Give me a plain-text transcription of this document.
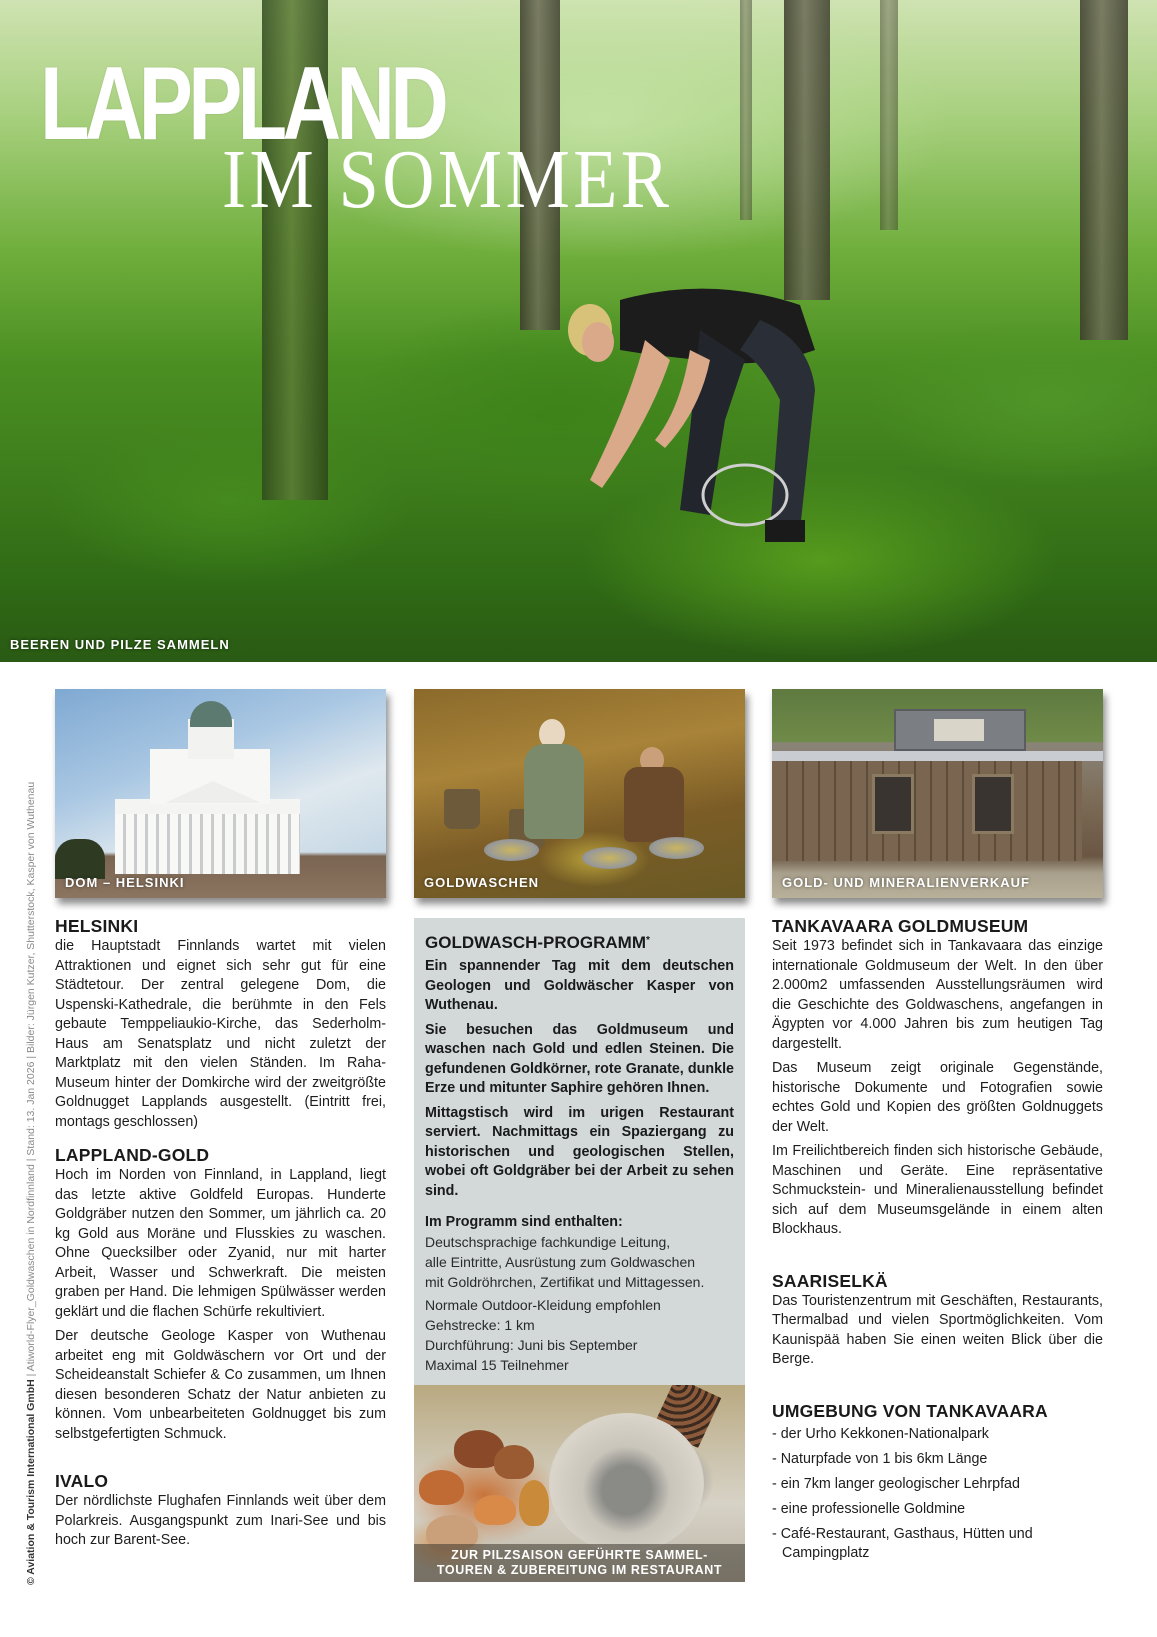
LAPPLAND
IM SOMMER
BEEREN UND PILZE SAMMELN
© Aviation & Tourism International GmbH | Atiworld-Flyer_Goldwaschen in Nordfinnland | Stand: 13. Jan 2026 | Bilder: Jürgen Kutzer, Shutterstock, Kasper von Wuthenau DOM – HELSINKI	GOLDWASCHEN	GOLD- UND MINERALIENVERKAUF
HELSINKI

die Hauptstadt Finnlands wartet mit vielen Attraktionen und eignet sich sehr gut für eine Städtetour. Der zentral gelegene Dom, die Uspenski-Kathedrale, die berühmte in den Fels gebaute Temppeliaukio-Kirche, das Sederholm-Haus am Senatsplatz und nicht zuletzt der Marktplatz mit den vielen Ständen. Im Raha-Museum hinter der Domkirche wird der zweitgrößte Goldnugget Lapplands ausgestellt. (Eintritt frei, montags geschlossen)

LAPPLAND-GOLD

Hoch im Norden von Finnland, in Lappland, liegt das letzte aktive Goldfeld Europas. Hunderte Goldgräber nutzen den Sommer, um jährlich ca. 20 kg Gold aus Moräne und Flusskies zu waschen. Ohne Quecksilber oder Zyanid, nur mit harter Arbeit, Wasser und Schwerkraft. Die meisten graben per Hand. Die lehmigen Spülwässer werden geklärt und die flachen Schürfe rekultiviert.

Der deutsche Geologe Kasper von Wuthenau arbeitet eng mit Goldwäschern vor Ort und der Scheideanstalt Schiefer & Co zusammen, um Ihnen diesen besonderen Schatz der Natur anbieten zu können. Vom unbearbeiteten Goldnugget bis zum selbstgefertigten Schmuck.

IVALO

Der nördlichste Flughafen Finnlands weit über dem Polarkreis. Ausgangspunkt zum Inari-See und bis hoch zur Barent-See.

GOLDWASCH-PROGRAMM*

Ein spannender Tag mit dem deutschen Geologen und Goldwäscher Kasper von Wuthenau.

Sie besuchen das Goldmuseum und waschen nach Gold und edlen Steinen. Die gefundenen Goldkörner, rote Granate, dunkle Erze und mitunter Saphire gehören Ihnen.

Mittagstisch wird im urigen Restaurant serviert. Nachmittags ein Spaziergang zu historischen und geologischen Stellen, wobei oft Goldgräber bei der Arbeit zu sehen sind.

Im Programm sind enthalten:
Deutschsprachige fachkundige Leitung,
alle Eintritte, Ausrüstung zum Goldwaschen
mit Goldröhrchen, Zertifikat und Mittagessen.
Normale Outdoor-Kleidung empfohlen
Gehstrecke: 1 km
Durchführung: Juni bis September
Maximal 15 Teilnehmer
ZUR PILZSAISON GEFÜHRTE SAMMEL-
TOUREN & ZUBEREITUNG IM RESTAURANT
TANKAVAARA GOLDMUSEUM

Seit 1973 befindet sich in Tankavaara das einzige internationale Goldmuseum der Welt. In den über 2.000m2 umfassenden Ausstellungsräumen wird die Geschichte des Goldwaschens, angefangen in Ägypten vor 4.000 Jahren bis zum heutigen Tag dargestellt.

Das Museum zeigt originale Gegenstände, historische Dokumente und Fotografien sowie echtes Gold und Kopien des größten Goldnuggets der Welt.

Im Freilichtbereich finden sich historische Gebäude, Maschinen und Geräte. Eine repräsentative Schmuckstein- und Mineralienausstellung befindet sich auf dem Museumsgelände in einem alten Blockhaus.

SAARISELKÄ

Das Touristenzentrum mit Geschäften, Restaurants, Thermalbad und vielen Sportmöglichkeiten. Vom Kaunispää haben Sie einen weiten Blick über die Berge.

UMGEBUNG VON TANKAVAARA
- der Urho Kekkonen-Nationalpark
- Naturpfade von 1 bis 6km Länge
- ein 7km langer geologischer Lehrpfad
- eine professionelle Goldmine
- Café-Restaurant, Gasthaus, Hütten und Campingplatz
